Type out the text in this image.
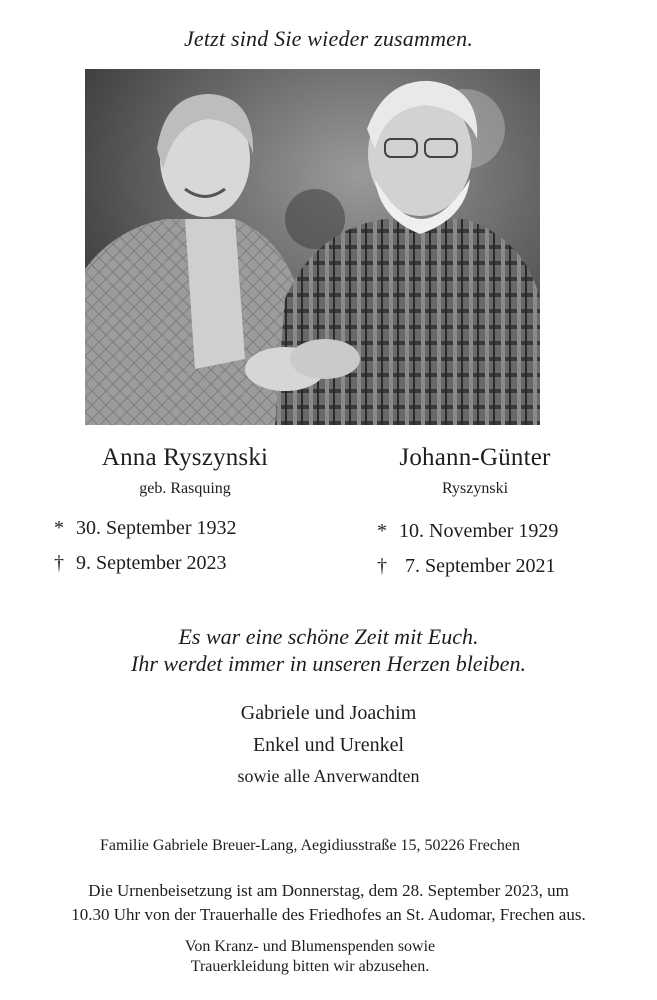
Jetzt sind Sie wieder zusammen.
Anna Ryszynski
geb. Rasquing
Johann-Günter
Ryszynski
* 30. September 1932
† 9. September 2023
* 10. November 1929
† 7. September 2021
Es war eine schöne Zeit mit Euch.
Ihr werdet immer in unseren Herzen bleiben.
Gabriele und Joachim
Enkel und Urenkel
sowie alle Anverwandten
Familie Gabriele Breuer-Lang, Aegidiusstraße 15, 50226 Frechen
Die Urnenbeisetzung ist am Donnerstag, dem 28. September 2023, um
10.30 Uhr von der Trauerhalle des Friedhofes an St. Audomar, Frechen aus.
Von Kranz- und Blumenspenden sowie
Trauerkleidung bitten wir abzusehen.
